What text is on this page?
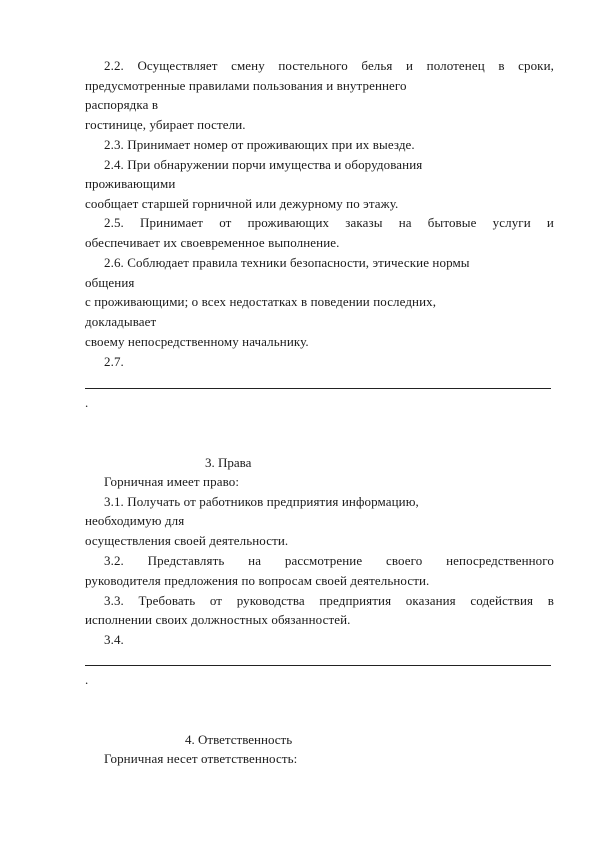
2.2. Осуществляет смену постельного белья и полотенец в сроки,
предусмотренные правилами пользования и внутреннего
распорядка в
гостинице, убирает постели.
2.3. Принимает номер от проживающих при их выезде.
2.4. При обнаружении порчи имущества и оборудования
проживающими
сообщает старшей горничной или дежурному по этажу.
2.5. Принимает от проживающих заказы на бытовые услуги и
обеспечивает их своевременное выполнение.
2.6. Соблюдает правила техники безопасности, этические нормы
общения
с проживающими; о всех недостатках в поведении последних,
докладывает
своему непосредственному начальнику.
2.7.
.
3. Права
Горничная имеет право:
3.1. Получать от работников предприятия информацию,
необходимую для
осуществления своей деятельности.
3.2. Представлять на рассмотрение своего непосредственного
руководителя предложения по вопросам своей деятельности.
3.3. Требовать от руководства предприятия оказания содействия в
исполнении своих должностных обязанностей.
3.4.
.
4. Ответственность
Горничная несет ответственность:
